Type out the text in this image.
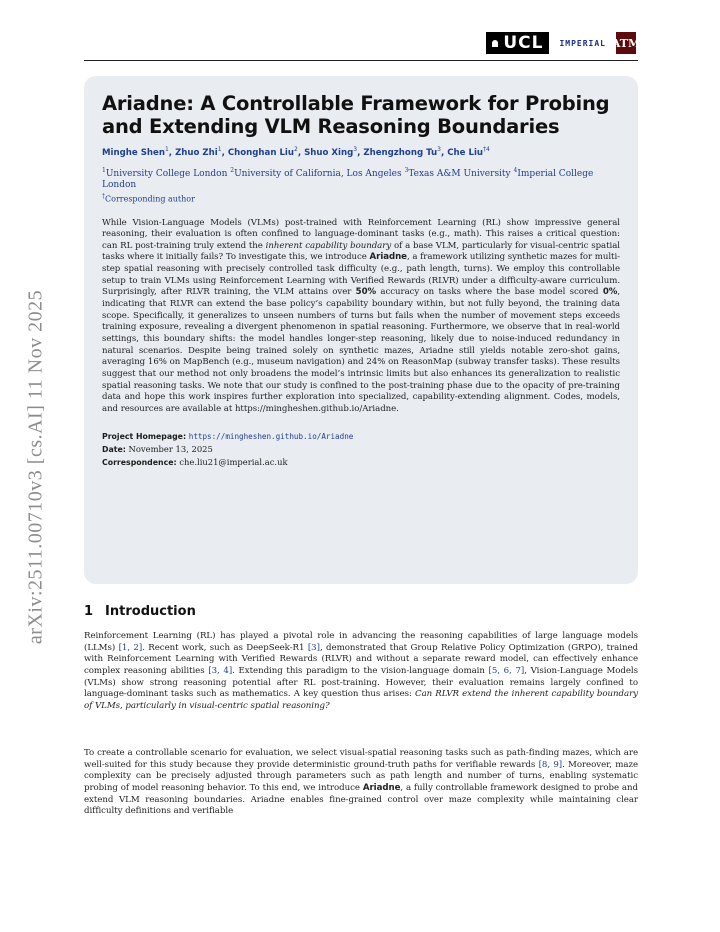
UCL IMPERIAL ATM
arXiv:2511.00710v3 [cs.AI] 11 Nov 2025
Ariadne: A Controllable Framework for Probing and Extending VLM Reasoning Boundaries
Minghe Shen$^1$, Zhuo Zhi$^1$, Chonghan Liu$^2$, Shuo Xing$^3$, Zhengzhong Tu$^3$, Che Liu$^{\dagger 4}$
$^1$University College London $^2$University of California, Los Angeles $^3$Texas A&M University $^4$Imperial College London
†Corresponding author
While Vision-Language Models (VLMs) post-trained with Reinforcement Learning (RL) show impressive general reasoning, their evaluation is often confined to language-dominant tasks (e.g., math). This raises a critical question: can RL post-training truly extend the inherent capability boundary of a base VLM, particularly for visual-centric spatial tasks where it initially fails? To investigate this, we introduce Ariadne, a framework utilizing synthetic mazes for multi-step spatial reasoning with precisely controlled task difficulty (e.g., path length, turns). We employ this controllable setup to train VLMs using Reinforcement Learning with Verified Rewards (RLVR) under a difficulty-aware curriculum. Surprisingly, after RLVR training, the VLM attains over 50% accuracy on tasks where the base model scored 0%, indicating that RLVR can extend the base policy’s capability boundary within, but not fully beyond, the training data scope. Specifically, it generalizes to unseen numbers of turns but fails when the number of movement steps exceeds training exposure, revealing a divergent phenomenon in spatial reasoning. Furthermore, we observe that in real-world settings, this boundary shifts: the model handles longer-step reasoning, likely due to noise-induced redundancy in natural scenarios. Despite being trained solely on synthetic mazes, Ariadne still yields notable zero-shot gains, averaging 16% on MapBench (e.g., museum navigation) and 24% on ReasonMap (subway transfer tasks). These results suggest that our method not only broadens the model’s intrinsic limits but also enhances its generalization to realistic spatial reasoning tasks. We note that our study is confined to the post-training phase due to the opacity of pre-training data and hope this work inspires further exploration into specialized, capability-extending alignment. Codes, models, and resources are available at https://mingheshen.github.io/Ariadne.
Project Homepage: https://mingheshen.github.io/Ariadne
Date: November 13, 2025
Correspondence: che.liu21@imperial.ac.uk
1 Introduction
Reinforcement Learning (RL) has played a pivotal role in advancing the reasoning capabilities of large language models (LLMs) [1, 2]. Recent work, such as DeepSeek-R1 [3], demonstrated that Group Relative Policy Optimization (GRPO), trained with Reinforcement Learning with Verified Rewards (RLVR) and without a separate reward model, can effectively enhance complex reasoning abilities [3, 4]. Extending this paradigm to the vision-language domain [5, 6, 7], Vision-Language Models (VLMs) show strong reasoning potential after RL post-training. However, their evaluation remains largely confined to language-dominant tasks such as mathematics. A key question thus arises: Can RLVR extend the inherent capability boundary of VLMs, particularly in visual-centric spatial reasoning?
To create a controllable scenario for evaluation, we select visual-spatial reasoning tasks such as path-finding mazes, which are well-suited for this study because they provide deterministic ground-truth paths for verifiable rewards [8, 9]. Moreover, maze complexity can be precisely adjusted through parameters such as path length and number of turns, enabling systematic probing of model reasoning behavior. To this end, we introduce Ariadne, a fully controllable framework designed to probe and extend VLM reasoning boundaries. Ariadne enables fine-grained control over maze complexity while maintaining clear difficulty definitions and verifiable
